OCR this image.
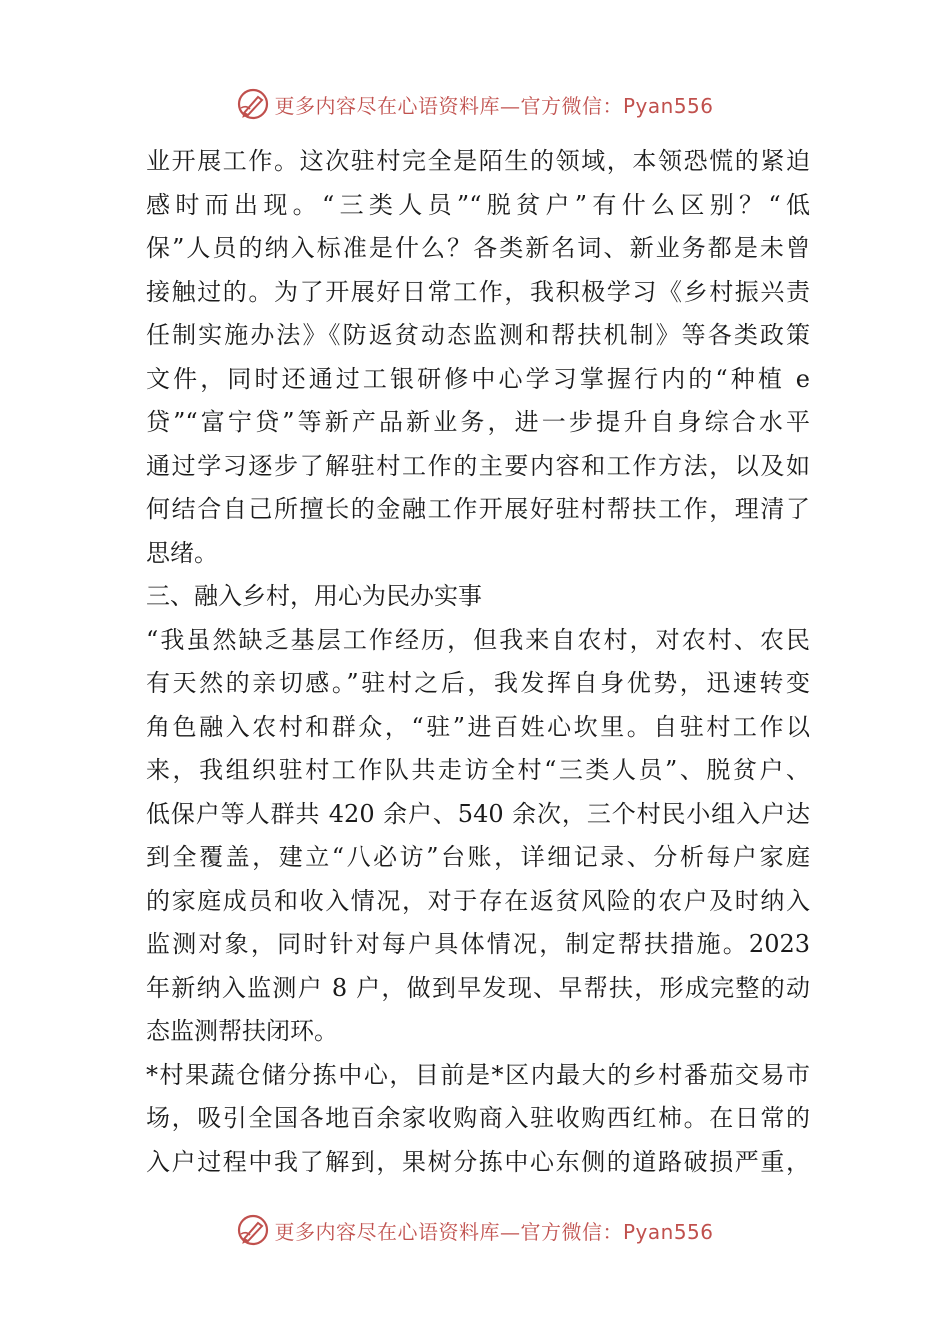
更多内容尽在心语资料库—官方微信：Pyan556
业开展工作。这次驻村完全是陌生的领域，本领恐慌的紧迫
感时而出现。“三类人员”“脱贫户”有什么区别？“低
保”人员的纳入标准是什么？各类新名词、新业务都是未曾
接触过的。为了开展好日常工作，我积极学习《乡村振兴责
任制实施办法》《防返贫动态监测和帮扶机制》等各类政策
文件，同时还通过工银研修中心学习掌握行内的“种植 e
贷”“富宁贷”等新产品新业务，进一步提升自身综合水平
通过学习逐步了解驻村工作的主要内容和工作方法，以及如
何结合自己所擅长的金融工作开展好驻村帮扶工作，理清了
思绪。
三、融入乡村，用心为民办实事
“我虽然缺乏基层工作经历，但我来自农村，对农村、农民
有天然的亲切感。”驻村之后，我发挥自身优势，迅速转变
角色融入农村和群众，“驻”进百姓心坎里。自驻村工作以
来，我组织驻村工作队共走访全村“三类人员”、脱贫户、
低保户等人群共 420 余户、540 余次，三个村民小组入户达
到全覆盖，建立“八必访”台账，详细记录、分析每户家庭
的家庭成员和收入情况，对于存在返贫风险的农户及时纳入
监测对象，同时针对每户具体情况，制定帮扶措施。2023
年新纳入监测户 8 户，做到早发现、早帮扶，形成完整的动
态监测帮扶闭环。
*村果蔬仓储分拣中心，目前是*区内最大的乡村番茄交易市
场，吸引全国各地百余家收购商入驻收购西红柿。在日常的
入户过程中我了解到，果树分拣中心东侧的道路破损严重，
更多内容尽在心语资料库—官方微信：Pyan556
